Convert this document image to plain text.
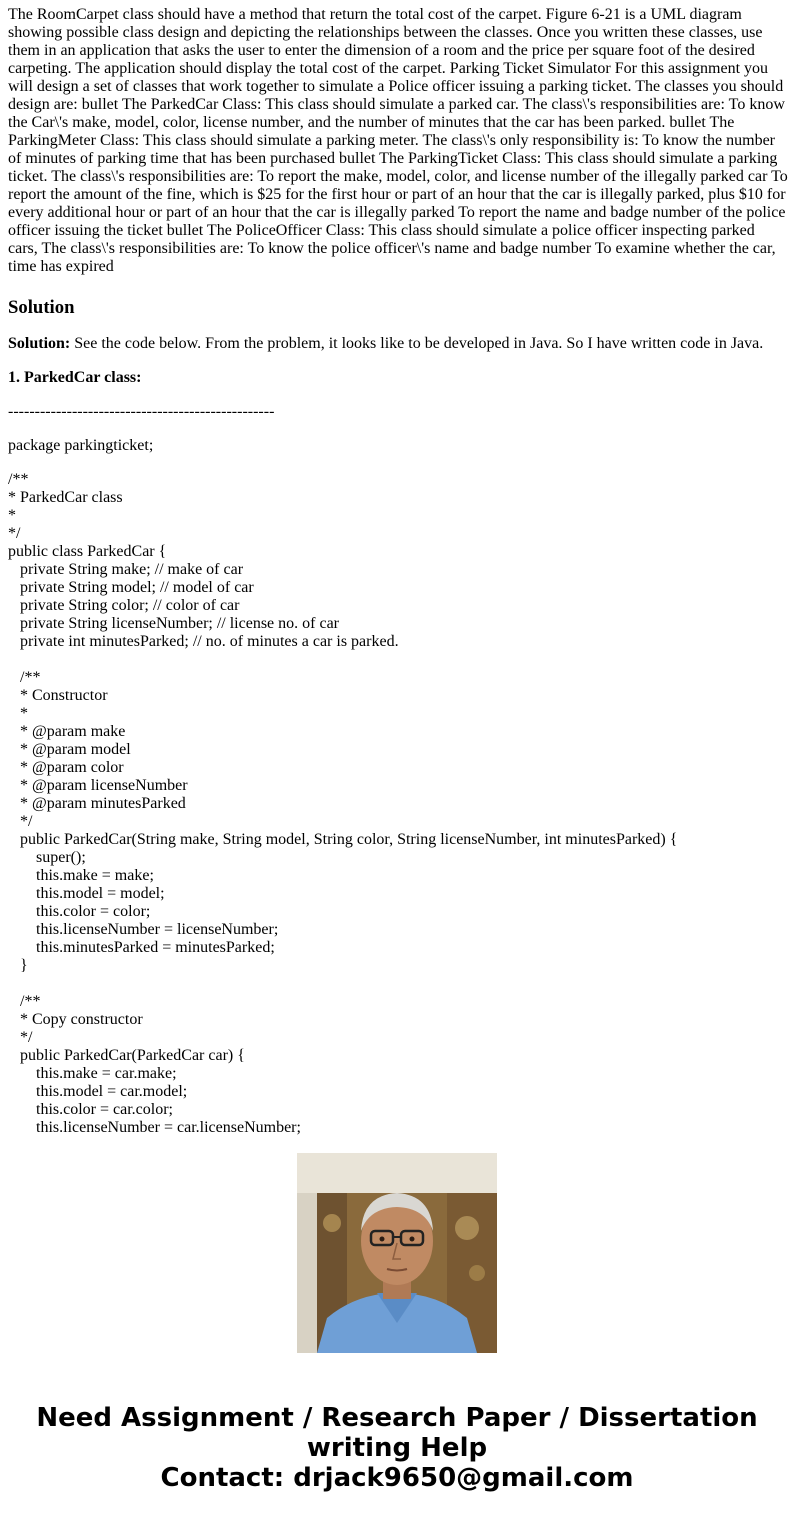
The RoomCarpet class should have a method that return the total cost of the carpet. Figure 6-21 is a UML diagram showing possible class design and depicting the relationships between the classes. Once you written these classes, use them in an application that asks the user to enter the dimension of a room and the price per square foot of the desired carpeting. The application should display the total cost of the carpet. Parking Ticket Simulator For this assignment you will design a set of classes that work together to simulate a Police officer issuing a parking ticket. The classes you should design are: bullet The ParkedCar Class: This class should simulate a parked car. The class\'s responsibilities are: To know the Car\'s make, model, color, license number, and the number of minutes that the car has been parked. bullet The ParkingMeter Class: This class should simulate a parking meter. The class\'s only responsibility is: To know the number of minutes of parking time that has been purchased bullet The ParkingTicket Class: This class should simulate a parking ticket. The class\'s responsibilities are: To report the make, model, color, and license number of the illegally parked car To report the amount of the fine, which is $25 for the first hour or part of an hour that the car is illegally parked, plus $10 for every additional hour or part of an hour that the car is illegally parked To report the name and badge number of the police officer issuing the ticket bullet The PoliceOfficer Class: This class should simulate a police officer inspecting parked cars, The class\'s responsibilities are: To know the police officer\'s name and badge number To examine whether the car, time has expired

Solution

Solution: See the code below. From the problem, it looks like to be developed in Java. So I have written code in Java.

1. ParkedCar class:

--------------------------------------------------

package parkingticket;

/**
* ParkedCar class
*
*/
public class ParkedCar {
private String make; // make of car
private String model; // model of car
private String color; // color of car
private String licenseNumber; // license no. of car
private int minutesParked; // no. of minutes a car is parked.

/**
* Constructor
*
* @param make
* @param model
* @param color
* @param licenseNumber
* @param minutesParked
*/
public ParkedCar(String make, String model, String color, String licenseNumber, int minutesParked) {
super();
this.make = make;
this.model = model;
this.color = color;
this.licenseNumber = licenseNumber;
this.minutesParked = minutesParked;
}

/**
* Copy constructor
*/
public ParkedCar(ParkedCar car) {
this.make = car.make;
this.model = car.model;
this.color = car.color;
this.licenseNumber = car.licenseNumber;
Need Assignment / Research Paper / Dissertation
writing Help
Contact: drjack9650@gmail.com
